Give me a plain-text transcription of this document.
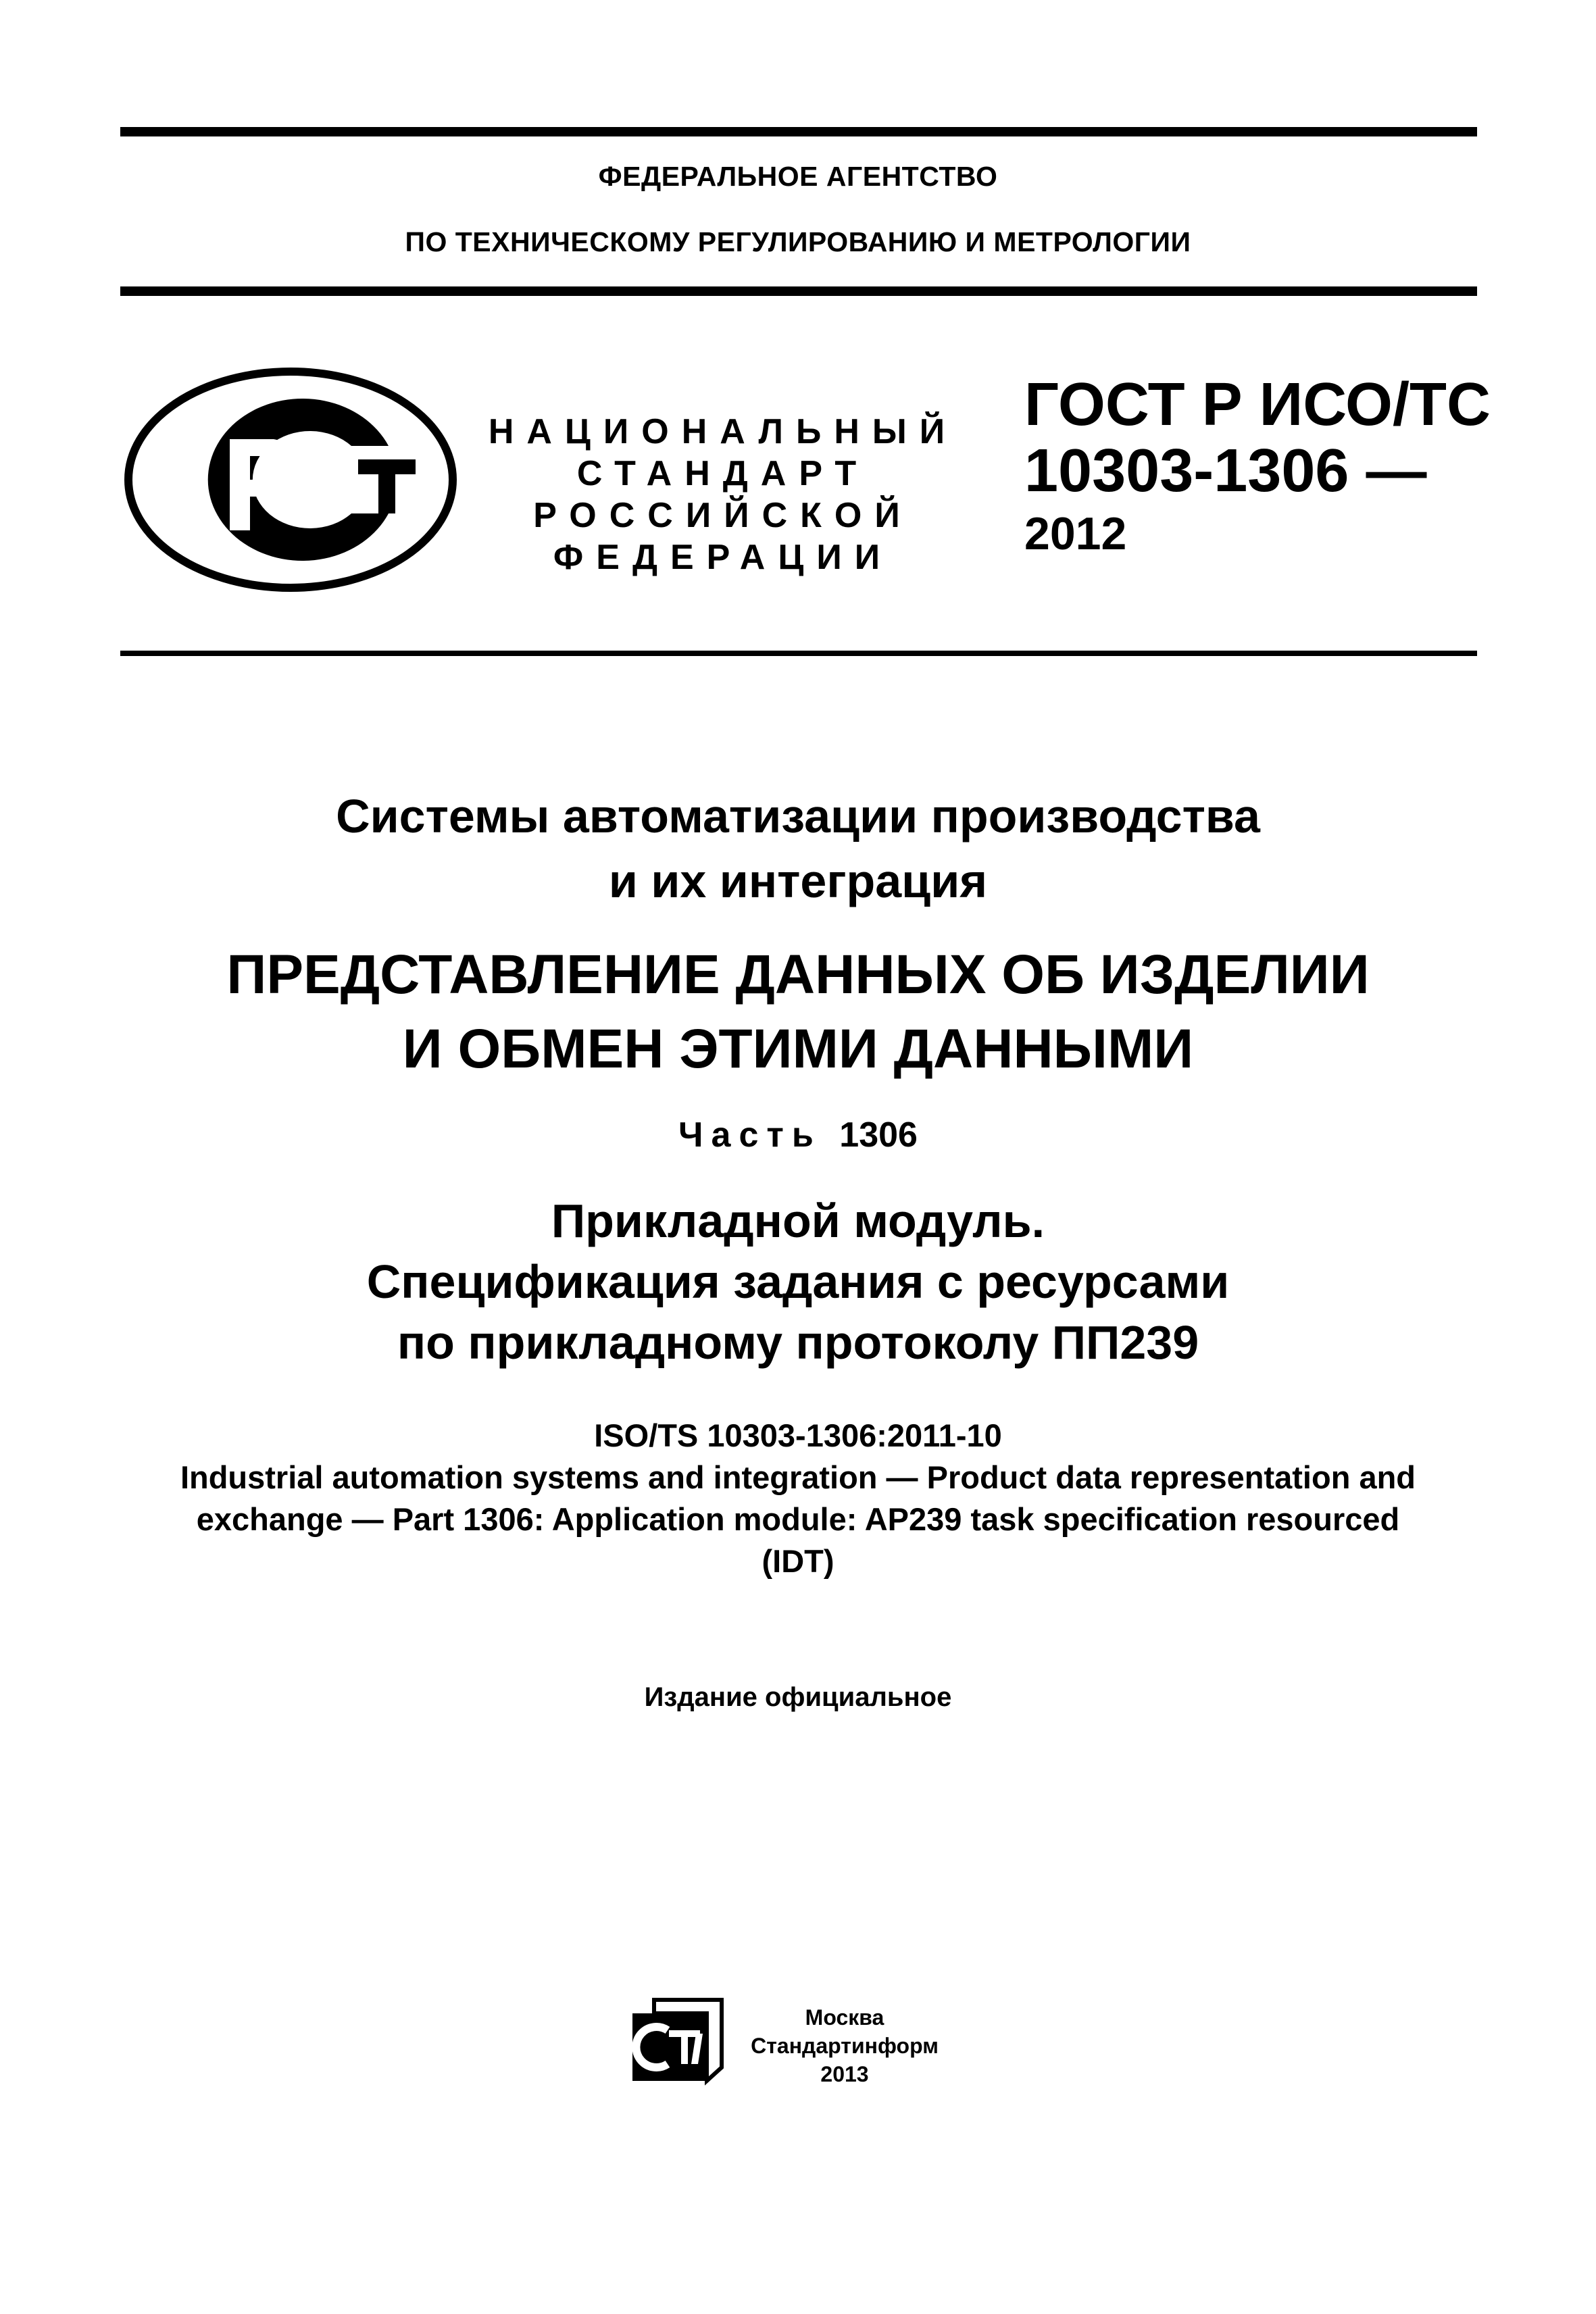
ФЕДЕРАЛЬНОЕ АГЕНТСТВО
ПО ТЕХНИЧЕСКОМУ РЕГУЛИРОВАНИЮ И МЕТРОЛОГИИ
НАЦИОНАЛЬНЫЙ
СТАНДАРТ
РОССИЙСКОЙ
ФЕДЕРАЦИИ
ГОСТ Р ИСО/ТС
10303-1306 —
2012
Системы автоматизации производства
и их интеграция
ПРЕДСТАВЛЕНИЕ ДАННЫХ ОБ ИЗДЕЛИИ
И ОБМЕН ЭТИМИ ДАННЫМИ
Часть 1306
Прикладной модуль.
Спецификация задания с ресурсами
по прикладному протоколу ПП239
ISO/TS 10303-1306:2011-10
Industrial automation systems and integration — Product data representation and
exchange — Part 1306: Application module: AP239 task specification resourced
(IDT)
Издание официальное
Москва
Стандартинформ
2013
